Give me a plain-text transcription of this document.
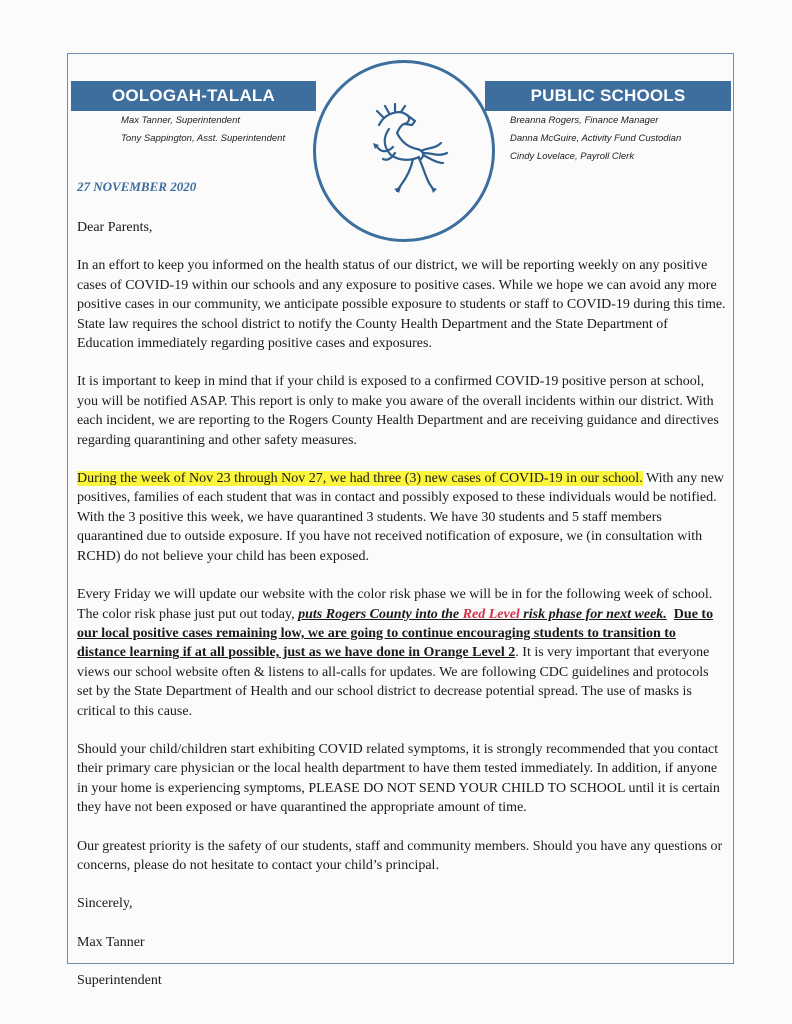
OOLOGAH-TALALA	PUBLIC SCHOOLS
Max Tanner, Superintendent
Tony Sappington, Asst. Superintendent
Breanna Rogers, Finance Manager
Danna McGuire, Activity Fund Custodian
Cindy Lovelace, Payroll Clerk
27 NOVEMBER 2020

Dear Parents,

In an effort to keep you informed on the health status of our district, we will be reporting weekly on any positive cases of COVID-19 within our schools and any exposure to positive cases. While we hope we can avoid any more positive cases in our community, we anticipate possible exposure to students or staff to COVID-19 during this time. State law requires the school district to notify the County Health Department and the State Department of Education immediately regarding positive cases and exposures.

It is important to keep in mind that if your child is exposed to a confirmed COVID-19 positive person at school, you will be notified ASAP. This report is only to make you aware of the overall incidents within our district. With each incident, we are reporting to the Rogers County Health Department and are receiving guidance and directives regarding quarantining and other safety measures.

During the week of Nov 23 through Nov 27, we had three (3) new cases of COVID-19 in our school. With any new positives, families of each student that was in contact and possibly exposed to these individuals would be notified. With the 3 positive this week, we have quarantined 3 students. We have 30 students and 5 staff members quarantined due to outside exposure. If you have not received notification of exposure, we (in consultation with RCHD) do not believe your child has been exposed.

Every Friday we will update our website with the color risk phase we will be in for the following week of school. The color risk phase just put out today, puts Rogers County into the Red Level risk phase for next week. Due to our local positive cases remaining low, we are going to continue encouraging students to transition to distance learning if at all possible, just as we have done in Orange Level 2. It is very important that everyone views our school website often & listens to all-calls for updates. We are following CDC guidelines and protocols set by the State Department of Health and our school district to decrease potential spread. The use of masks is critical to this cause.

Should your child/children start exhibiting COVID related symptoms, it is strongly recommended that you contact their primary care physician or the local health department to have them tested immediately. In addition, if anyone in your home is experiencing symptoms, PLEASE DO NOT SEND YOUR CHILD TO SCHOOL until it is certain they have not been exposed or have quarantined the appropriate amount of time.

Our greatest priority is the safety of our students, staff and community members. Should you have any questions or concerns, please do not hesitate to contact your child’s principal.

Sincerely,

Max Tanner

Superintendent
